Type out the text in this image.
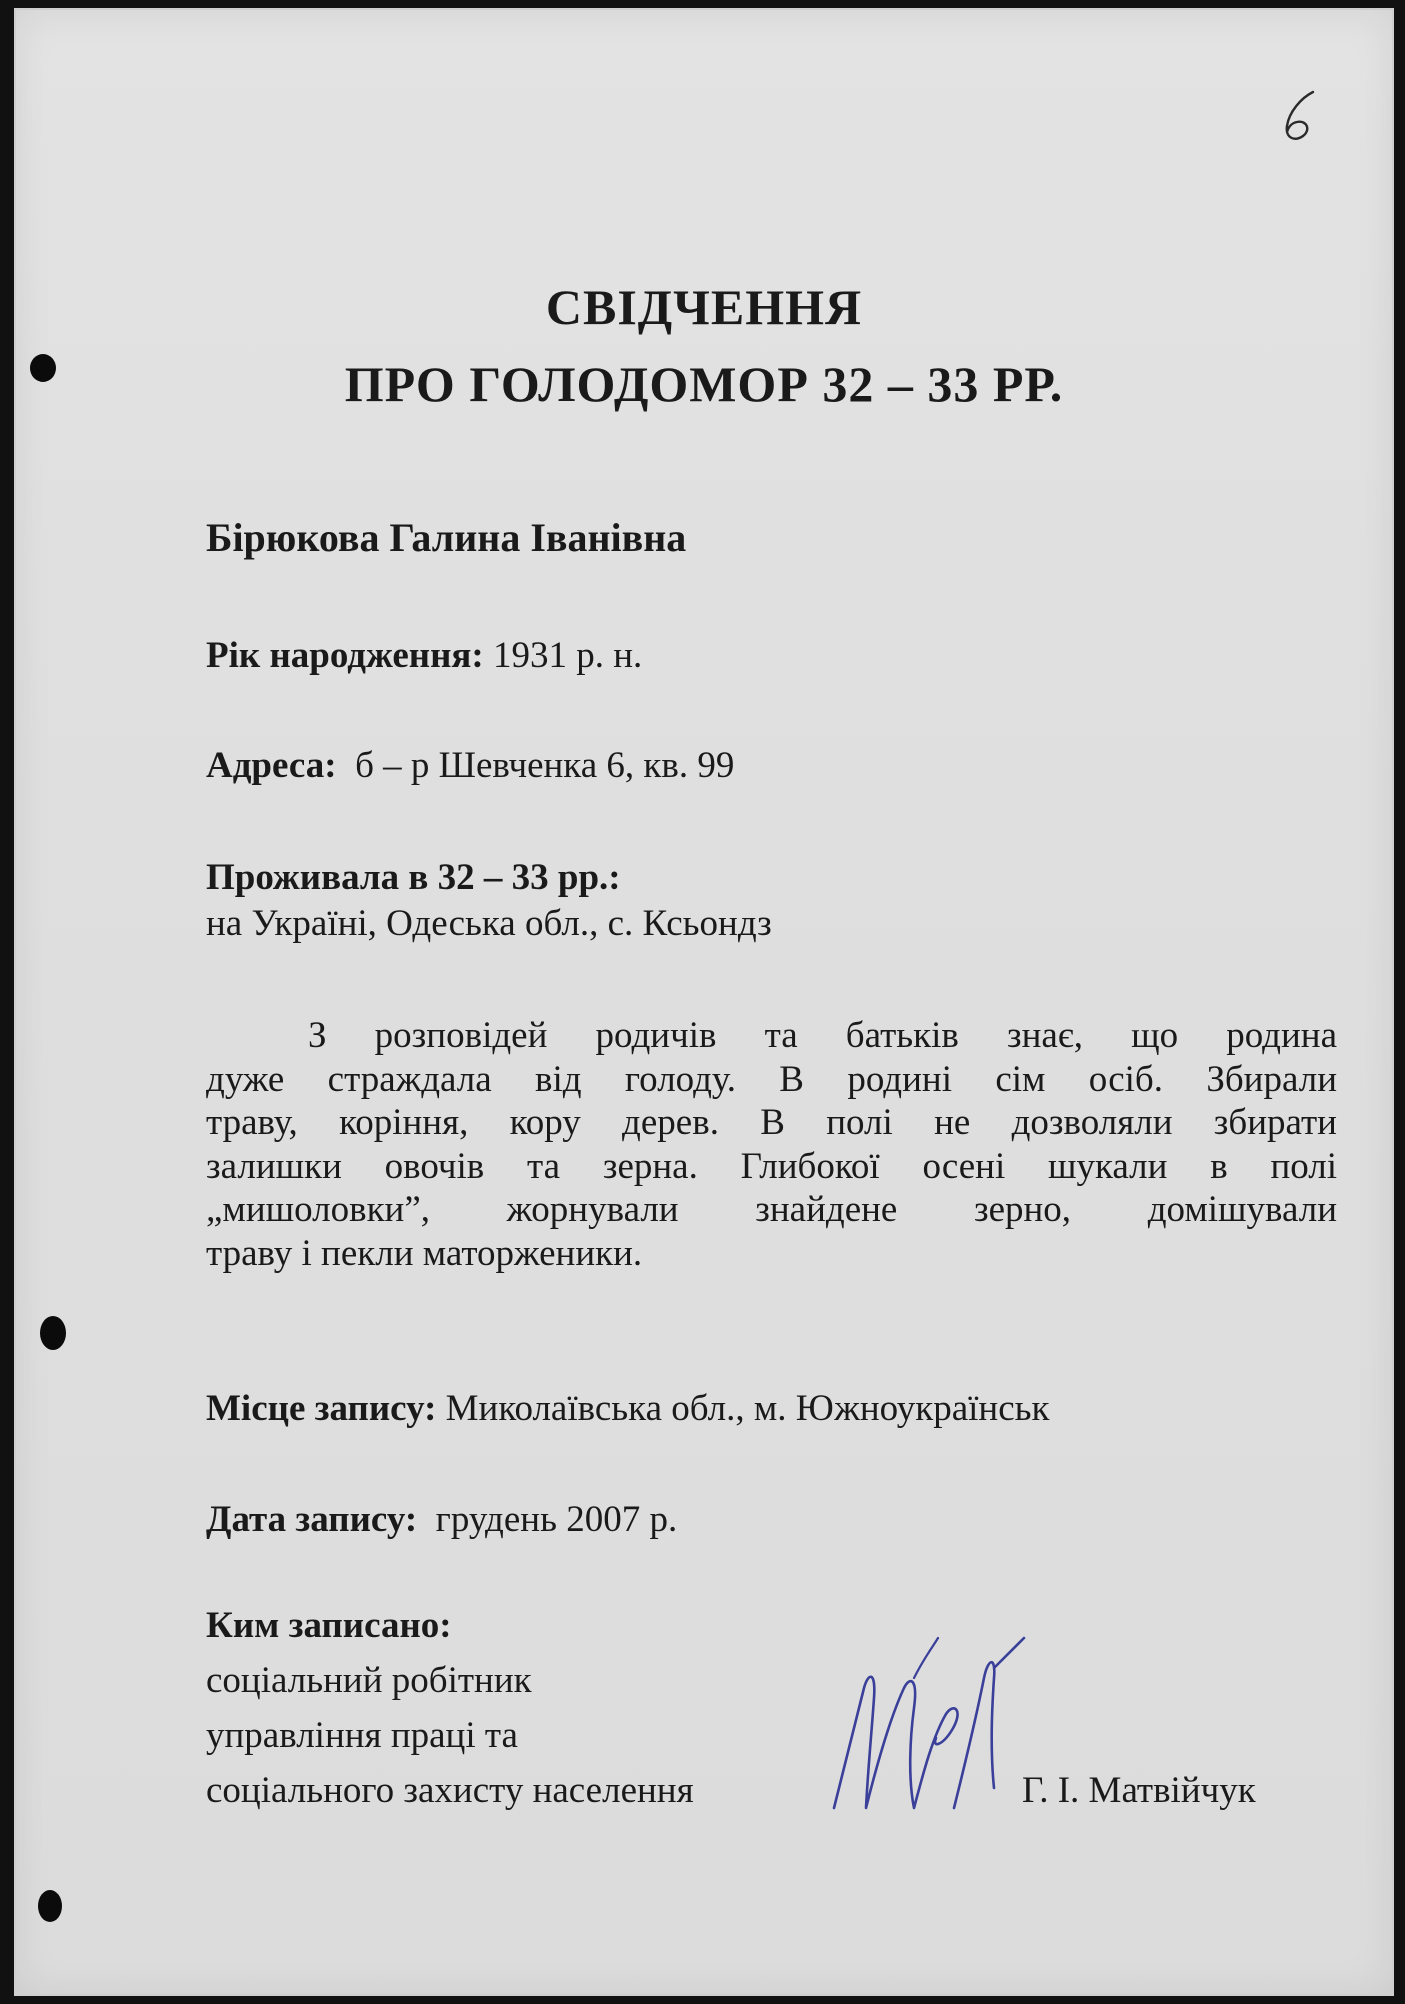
СВІДЧЕННЯ
ПРО ГОЛОДОМОР 32 – 33 РР.
Бірюкова Галина Іванівна
Рік народження: 1931 р. н.
Адреса: б – р Шевченка 6, кв. 99
Проживала в 32 – 33 рр.:
на Україні, Одеська обл., с. Ксьондз
З розповідей родичів та батьків знає, що родина
дуже страждала від голоду. В родині сім осіб. Збирали
траву, коріння, кору дерев. В полі не дозволяли збирати
залишки овочів та зерна. Глибокої осені шукали в полі
„мишоловки”, жорнували знайдене зерно, домішували
траву і пекли маторженики.
Місце запису: Миколаївська обл., м. Южноукраїнськ
Дата запису: грудень 2007 р.
Ким записано:
соціальний робітник
управління праці та
соціального захисту населення	Г. І. Матвійчук
